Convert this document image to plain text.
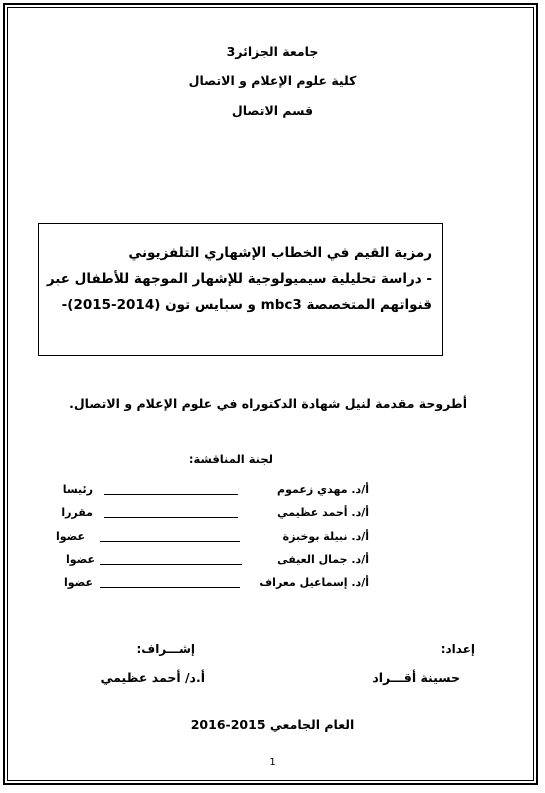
جامعة الجزائر3
كلية علوم الإعلام و الاتصال
قسم الاتصال
رمزية القيم في الخطاب الإشهاري التلفزيوني
- دراسة تحليلية سيميولوجية للإشهار الموجهة للأطفال عبر
قنواتهم المتخصصة mbc3 و سبايس تون (2014-2015)-
أطروحة مقدمة لنيل شهادة الدكتوراه في علوم الإعلام و الاتصال.
لجنة المناقشة:
أ/د. مهدي زعموم
رئيسا
أ/د. أحمد عظيمي
مقررا
أ/د. نبيلة بوخبزة
عضوا
أ/د. جمال العيفى
عضوا
أ/د. إسماعيل معراف
عضوا
إعداد:
إشـــراف:
حسينة أقـــراد
أ.د/ أحمد عظيمي
العام الجامعي 2015-2016
1
